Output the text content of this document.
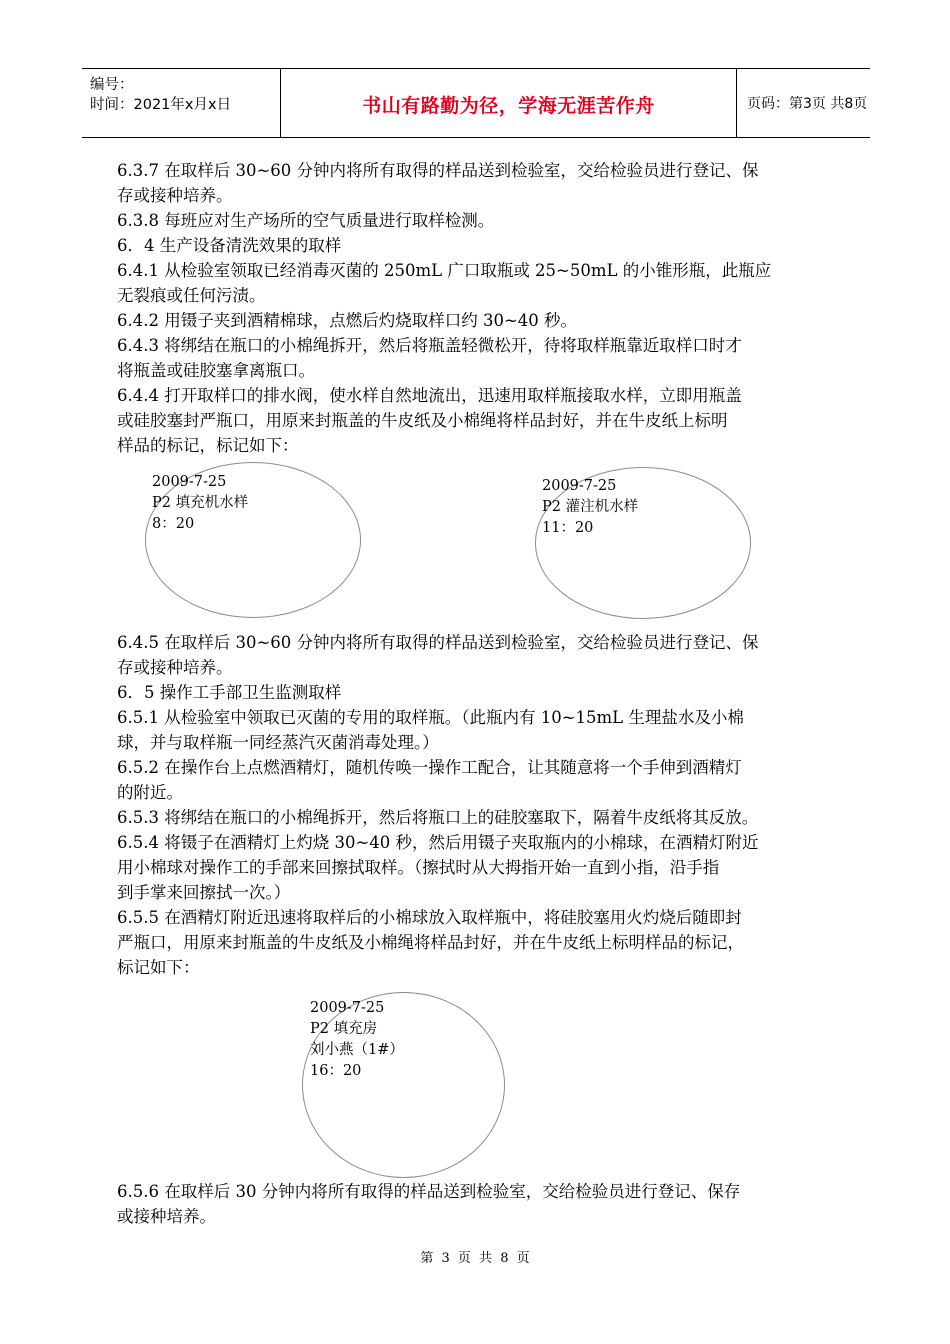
编号：
时间：2021年x月x日	书山有路勤为径，学海无涯苦作舟	页码：第3页 共8页
6.3.7 在取样后 30~60 分钟内将所有取得的样品送到检验室，交给检验员进行登记、保
存或接种培养。
6.3.8 每班应对生产场所的空气质量进行取样检测。
6．4 生产设备清洗效果的取样
6.4.1 从检验室领取已经消毒灭菌的 250mL 广口取瓶或 25~50mL 的小锥形瓶，此瓶应
无裂痕或任何污渍。
6.4.2 用镊子夹到酒精棉球，点燃后灼烧取样口约 30~40 秒。
6.4.3 将绑结在瓶口的小棉绳拆开，然后将瓶盖轻微松开，待将取样瓶靠近取样口时才
将瓶盖或硅胶塞拿离瓶口。
6.4.4 打开取样口的排水阀，使水样自然地流出，迅速用取样瓶接取水样，立即用瓶盖
或硅胶塞封严瓶口，用原来封瓶盖的牛皮纸及小棉绳将样品封好，并在牛皮纸上标明
样品的标记，标记如下：
2009-7-25
P2 填充机水样
8：20
2009-7-25
P2 灌注机水样
11：20
6.4.5 在取样后 30~60 分钟内将所有取得的样品送到检验室，交给检验员进行登记、保
存或接种培养。
6．5 操作工手部卫生监测取样
6.5.1 从检验室中领取已灭菌的专用的取样瓶。（此瓶内有 10~15mL 生理盐水及小棉
球，并与取样瓶一同经蒸汽灭菌消毒处理。）
6.5.2 在操作台上点燃酒精灯，随机传唤一操作工配合，让其随意将一个手伸到酒精灯
的附近。
6.5.3 将绑结在瓶口的小棉绳拆开，然后将瓶口上的硅胶塞取下，隔着牛皮纸将其反放。
6.5.4 将镊子在酒精灯上灼烧 30~40 秒，然后用镊子夹取瓶内的小棉球，在酒精灯附近
用小棉球对操作工的手部来回擦拭取样。（擦拭时从大拇指开始一直到小指，沿手指
到手掌来回擦拭一次。）
6.5.5 在酒精灯附近迅速将取样后的小棉球放入取样瓶中，将硅胶塞用火灼烧后随即封
严瓶口，用原来封瓶盖的牛皮纸及小棉绳将样品封好，并在牛皮纸上标明样品的标记，
标记如下：
2009-7-25
P2 填充房
刘小燕（1#）
16：20
6.5.6 在取样后 30 分钟内将所有取得的样品送到检验室，交给检验员进行登记、保存
或接种培养。
第 3 页 共 8 页
